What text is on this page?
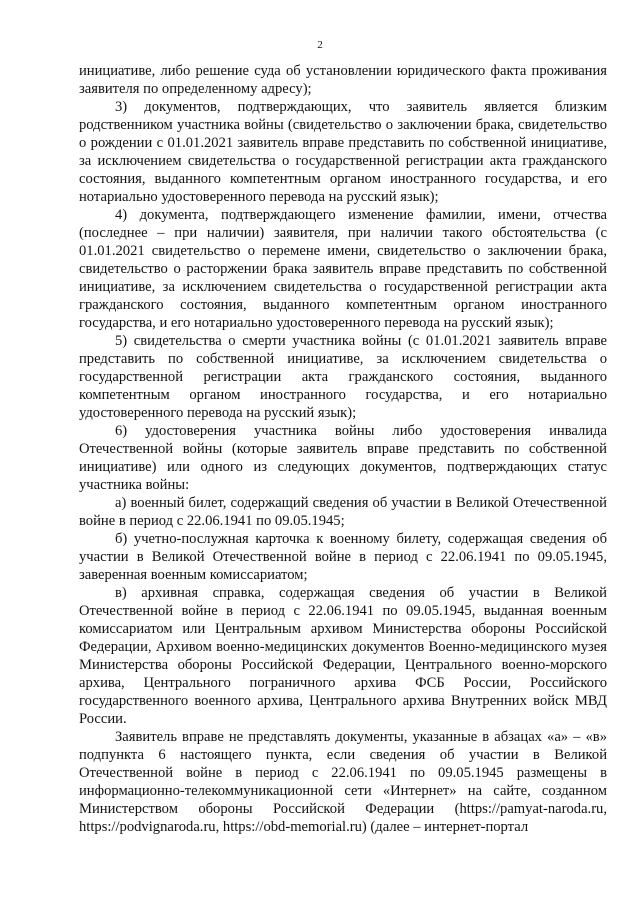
2

инициативе, либо решение суда об установлении юридического факта проживания заявителя по определенному адресу);

3) документов, подтверждающих, что заявитель является близким родственником участника войны (свидетельство о заключении брака, свидетельство о рождении с 01.01.2021 заявитель вправе представить по собственной инициативе, за исключением свидетельства о государственной регистрации акта гражданского состояния, выданного компетентным органом иностранного государства, и его нотариально удостоверенного перевода на русский язык);

4) документа, подтверждающего изменение фамилии, имени, отчества (последнее – при наличии) заявителя, при наличии такого обстоятельства (с 01.01.2021 свидетельство о перемене имени, свидетельство о заключении брака, свидетельство о расторжении брака заявитель вправе представить по собственной инициативе, за исключением свидетельства о государственной регистрации акта гражданского состояния, выданного компетентным органом иностранного государства, и его нотариально удостоверенного перевода на русский язык);

5) свидетельства о смерти участника войны (с 01.01.2021 заявитель вправе представить по собственной инициативе, за исключением свидетельства о государственной регистрации акта гражданского состояния, выданного компетентным органом иностранного государства, и его нотариально удостоверенного перевода на русский язык);

6) удостоверения участника войны либо удостоверения инвалида Отечественной войны (которые заявитель вправе представить по собственной инициативе) или одного из следующих документов, подтверждающих статус участника войны:

а) военный билет, содержащий сведения об участии в Великой Отечественной войне в период с 22.06.1941 по 09.05.1945;

б) учетно-послужная карточка к военному билету, содержащая сведения об участии в Великой Отечественной войне в период с 22.06.1941 по 09.05.1945, заверенная военным комиссариатом;

в) архивная справка, содержащая сведения об участии в Великой Отечественной войне в период с 22.06.1941 по 09.05.1945, выданная военным комиссариатом или Центральным архивом Министерства обороны Российской Федерации, Архивом военно-медицинских документов Военно-медицинского музея Министерства обороны Российской Федерации, Центрального военно-морского архива, Центрального пограничного архива ФСБ России, Российского государственного военного архива, Центрального архива Внутренних войск МВД России.

Заявитель вправе не представлять документы, указанные в абзацах «а» – «в» подпункта 6 настоящего пункта, если сведения об участии в Великой Отечественной войне в период с 22.06.1941 по 09.05.1945 размещены в информационно-телекоммуникационной сети «Интернет» на сайте, созданном Министерством обороны Российской Федерации (https://pamyat-naroda.ru, https://podvignaroda.ru, https://obd-memorial.ru) (далее – интернет-портал
